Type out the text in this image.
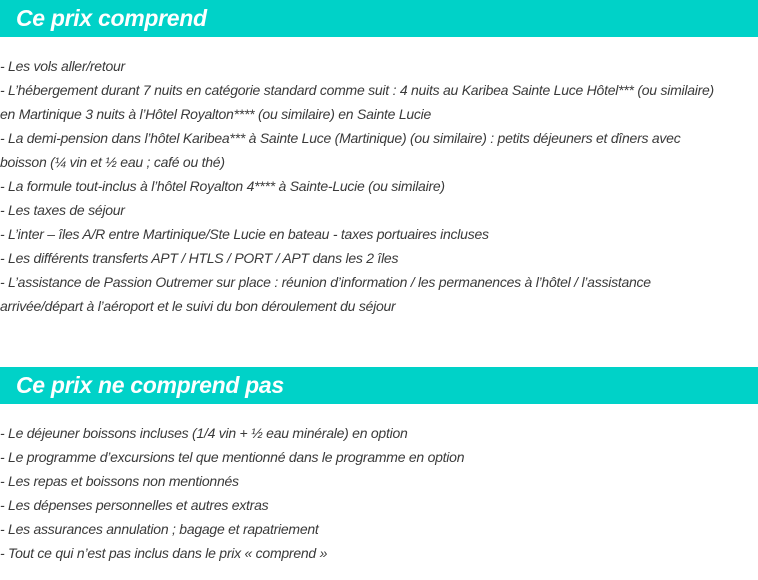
Ce prix comprend
- Les vols aller/retour
- L’hébergement durant 7 nuits en catégorie standard comme suit : 4 nuits au Karibea Sainte Luce Hôtel*** (ou similaire)
en Martinique 3 nuits à l’Hôtel Royalton**** (ou similaire) en Sainte Lucie
- La demi-pension dans l’hôtel Karibea*** à Sainte Luce (Martinique) (ou similaire) : petits déjeuners et dîners avec
boisson (¼ vin et ½ eau ; café ou thé)
- La formule tout-inclus à l’hôtel Royalton 4**** à Sainte-Lucie (ou similaire)
- Les taxes de séjour
- L’inter – îles A/R entre Martinique/Ste Lucie en bateau - taxes portuaires incluses
- Les différents transferts APT / HTLS / PORT / APT dans les 2 îles
- L’assistance de Passion Outremer sur place : réunion d’information / les permanences à l’hôtel / l’assistance
arrivée/départ à l’aéroport et le suivi du bon déroulement du séjour
Ce prix ne comprend pas
- Le déjeuner boissons incluses (1/4 vin + ½ eau minérale) en option
- Le programme d’excursions tel que mentionné dans le programme en option
- Les repas et boissons non mentionnés
- Les dépenses personnelles et autres extras
- Les assurances annulation ; bagage et rapatriement
- Tout ce qui n’est pas inclus dans le prix « comprend »
